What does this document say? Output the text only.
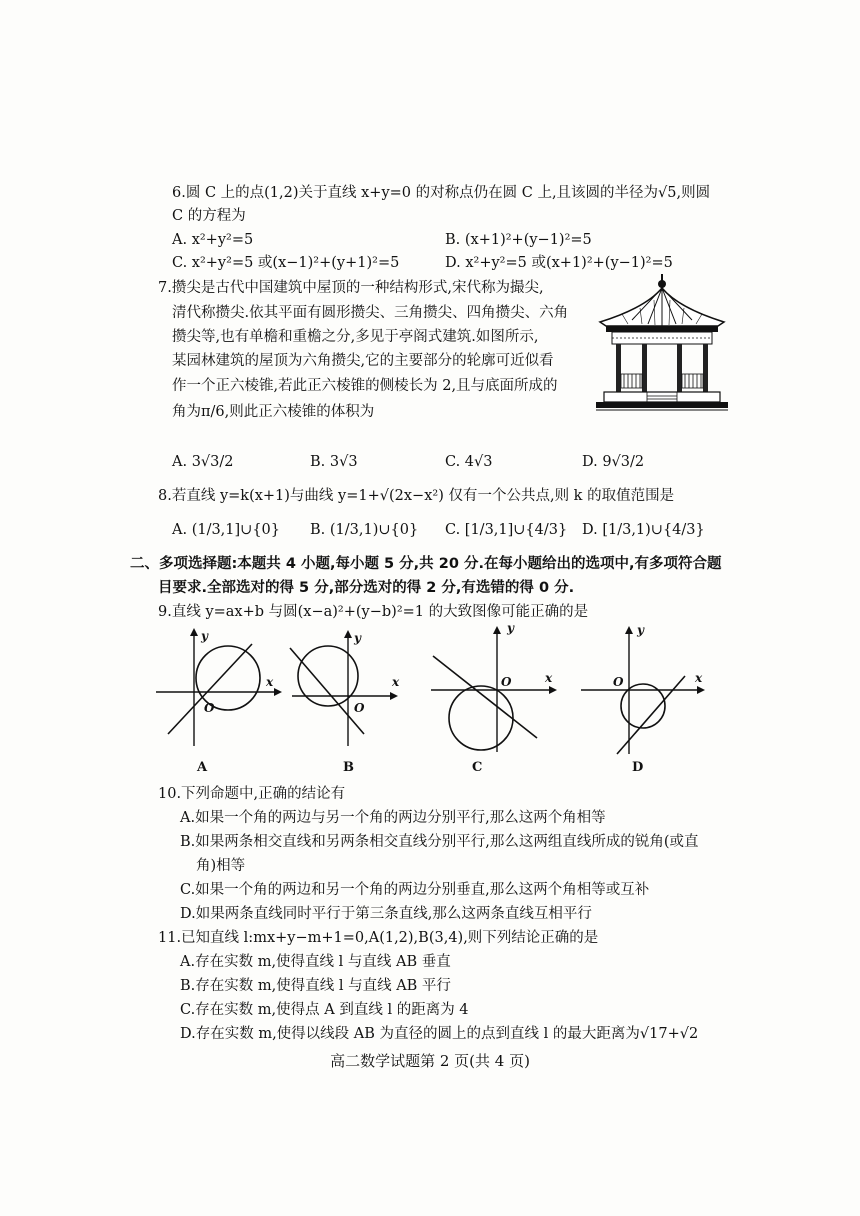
6.圆 C 上的点(1,2)关于直线 x+y=0 的对称点仍在圆 C 上,且该圆的半径为√5,则圆
C 的方程为
A. x²+y²=5	B. (x+1)²+(y−1)²=5
C. x²+y²=5 或(x−1)²+(y+1)²=5	D. x²+y²=5 或(x+1)²+(y−1)²=5
7.攒尖是古代中国建筑中屋顶的一种结构形式,宋代称为撮尖,
清代称攒尖.依其平面有圆形攒尖、三角攒尖、四角攒尖、六角
攒尖等,也有单檐和重檐之分,多见于亭阁式建筑.如图所示,
某园林建筑的屋顶为六角攒尖,它的主要部分的轮廓可近似看
作一个正六棱锥,若此正六棱锥的侧棱长为 2,且与底面所成的
角为π/6,则此正六棱锥的体积为
A. 3√3/2	B. 3√3	C. 4√3	D. 9√3/2
8.若直线 y=k(x+1)与曲线 y=1+√(2x−x²) 仅有一个公共点,则 k 的取值范围是
A. (1/3,1]∪{0} B. (1/3,1)∪{0} C. [1/3,1]∪{4/3} D. [1/3,1)∪{4/3}
二、多项选择题:本题共 4 小题,每小题 5 分,共 20 分.在每小题给出的选项中,有多项符合题
目要求.全部选对的得 5 分,部分选对的得 2 分,有选错的得 0 分.
9.直线 y=ax+b 与圆(x−a)²+(y−b)²=1 的大致图像可能正确的是
y
x
O
A
y
x
O
B
y
x
O
C
y
x
O
D
10.下列命题中,正确的结论有
A.如果一个角的两边与另一个角的两边分别平行,那么这两个角相等
B.如果两条相交直线和另两条相交直线分别平行,那么这两组直线所成的锐角(或直
角)相等
C.如果一个角的两边和另一个角的两边分别垂直,那么这两个角相等或互补
D.如果两条直线同时平行于第三条直线,那么这两条直线互相平行
11.已知直线 l:mx+y−m+1=0,A(1,2),B(3,4),则下列结论正确的是
A.存在实数 m,使得直线 l 与直线 AB 垂直
B.存在实数 m,使得直线 l 与直线 AB 平行
C.存在实数 m,使得点 A 到直线 l 的距离为 4
D.存在实数 m,使得以线段 AB 为直径的圆上的点到直线 l 的最大距离为√17+√2
高二数学试题第 2 页(共 4 页)
